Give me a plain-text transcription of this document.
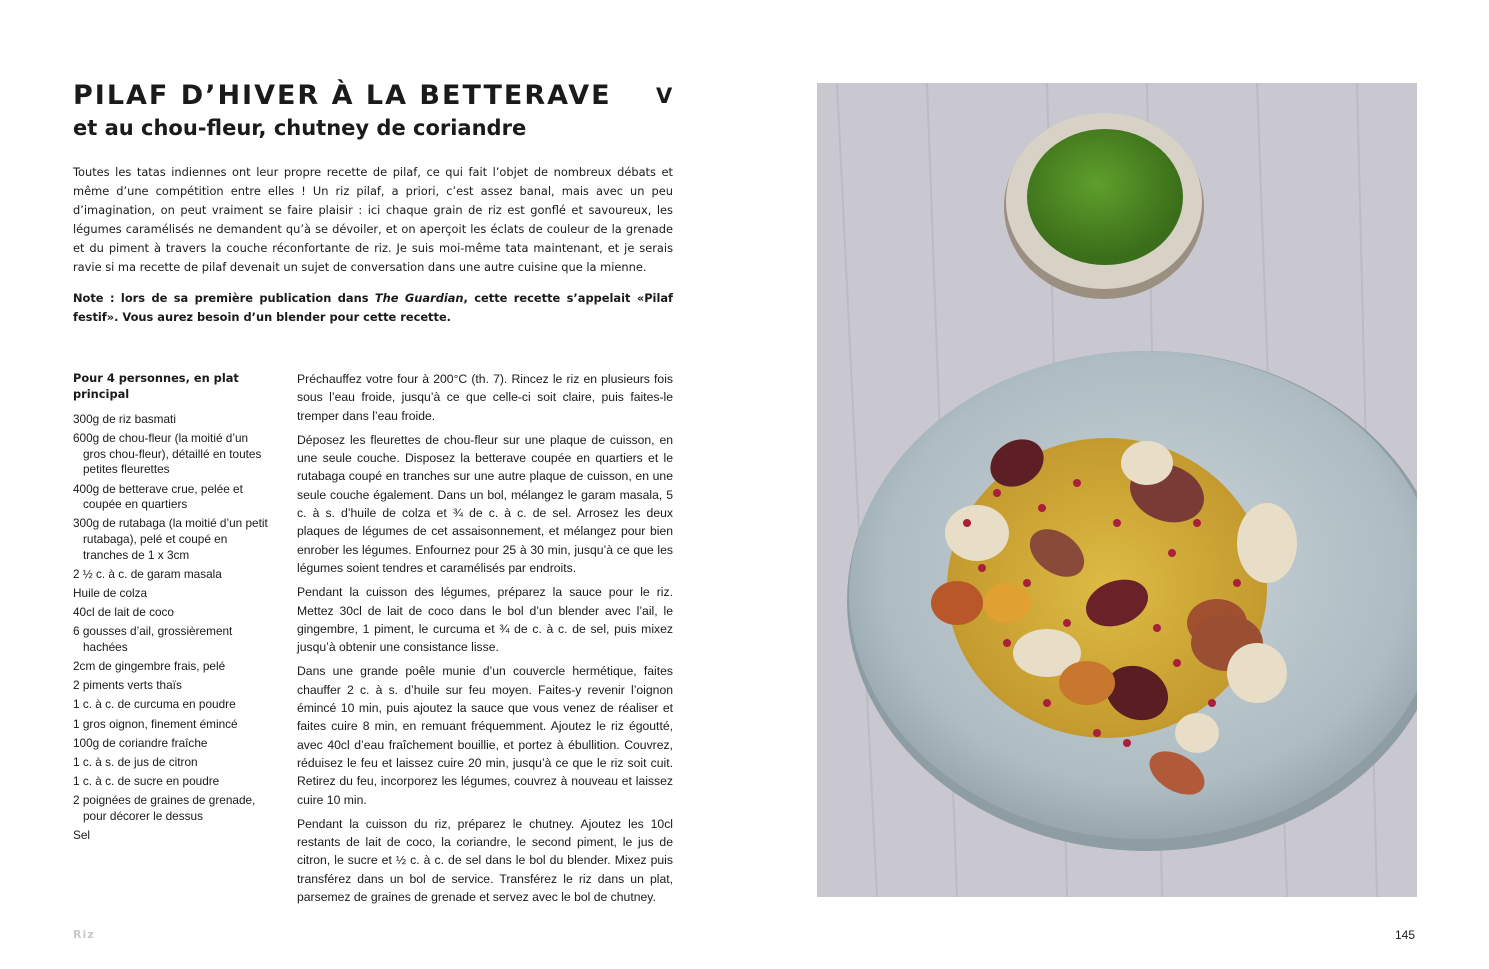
PILAF D’HIVER À LA BETTERAVE V
et au chou-fleur, chutney de coriandre

Toutes les tatas indiennes ont leur propre recette de pilaf, ce qui fait l’objet de nombreux débats et même d’une compétition entre elles ! Un riz pilaf, a priori, c’est assez banal, mais avec un peu d’imagination, on peut vraiment se faire plaisir : ici chaque grain de riz est gonflé et savoureux, les légumes caramélisés ne demandent qu’à se dévoiler, et on aperçoit les éclats de couleur de la grenade et du piment à travers la couche réconfortante de riz. Je suis moi-même tata maintenant, et je serais ravie si ma recette de pilaf devenait un sujet de conversation dans une autre cuisine que la mienne.

Note : lors de sa première publication dans The Guardian, cette recette s’appelait «Pilaf festif». Vous aurez besoin d’un blender pour cette recette.

Pour 4 personnes, en plat principal
300g de riz basmati
600g de chou-fleur (la moitié d’un gros chou-fleur), détaillé en toutes petites fleurettes
400g de betterave crue, pelée et coupée en quartiers
300g de rutabaga (la moitié d’un petit rutabaga), pelé et coupé en tranches de 1 x 3cm
2 ½ c. à c. de garam masala
Huile de colza
40cl de lait de coco
6 gousses d’ail, grossièrement hachées
2cm de gingembre frais, pelé
2 piments verts thaïs
1 c. à c. de curcuma en poudre
1 gros oignon, finement émincé
100g de coriandre fraîche
1 c. à s. de jus de citron
1 c. à c. de sucre en poudre
2 poignées de graines de grenade, pour décorer le dessus
Sel

Préchauffez votre four à 200°C (th. 7). Rincez le riz en plusieurs fois sous l’eau froide, jusqu’à ce que celle-ci soit claire, puis faites-le tremper dans l’eau froide.

Déposez les fleurettes de chou-fleur sur une plaque de cuisson, en une seule couche. Disposez la betterave coupée en quartiers et le rutabaga coupé en tranches sur une autre plaque de cuisson, en une seule couche également. Dans un bol, mélangez le garam masala, 5 c. à s. d’huile de colza et ¾ de c. à c. de sel. Arrosez les deux plaques de légumes de cet assaisonnement, et mélangez pour bien enrober les légumes. Enfournez pour 25 à 30 min, jusqu’à ce que les légumes soient tendres et caramélisés par endroits.

Pendant la cuisson des légumes, préparez la sauce pour le riz. Mettez 30cl de lait de coco dans le bol d’un blender avec l’ail, le gingembre, 1 piment, le curcuma et ¾ de c. à c. de sel, puis mixez jusqu’à obtenir une consistance lisse.

Dans une grande poêle munie d’un couvercle hermétique, faites chauffer 2 c. à s. d’huile sur feu moyen. Faites-y revenir l’oignon émincé 10 min, puis ajoutez la sauce que vous venez de réaliser et faites cuire 8 min, en remuant fréquemment. Ajoutez le riz égoutté, avec 40cl d’eau fraîchement bouillie, et portez à ébullition. Couvrez, réduisez le feu et laissez cuire 20 min, jusqu’à ce que le riz soit cuit. Retirez du feu, incorporez les légumes, couvrez à nouveau et laissez cuire 10 min.

Pendant la cuisson du riz, préparez le chutney. Ajoutez les 10cl restants de lait de coco, la coriandre, le second piment, le jus de citron, le sucre et ½ c. à c. de sel dans le bol du blender. Mixez puis transférez dans un bol de service. Transférez le riz dans un plat, parsemez de graines de grenade et servez avec le bol de chutney.

Riz	145
